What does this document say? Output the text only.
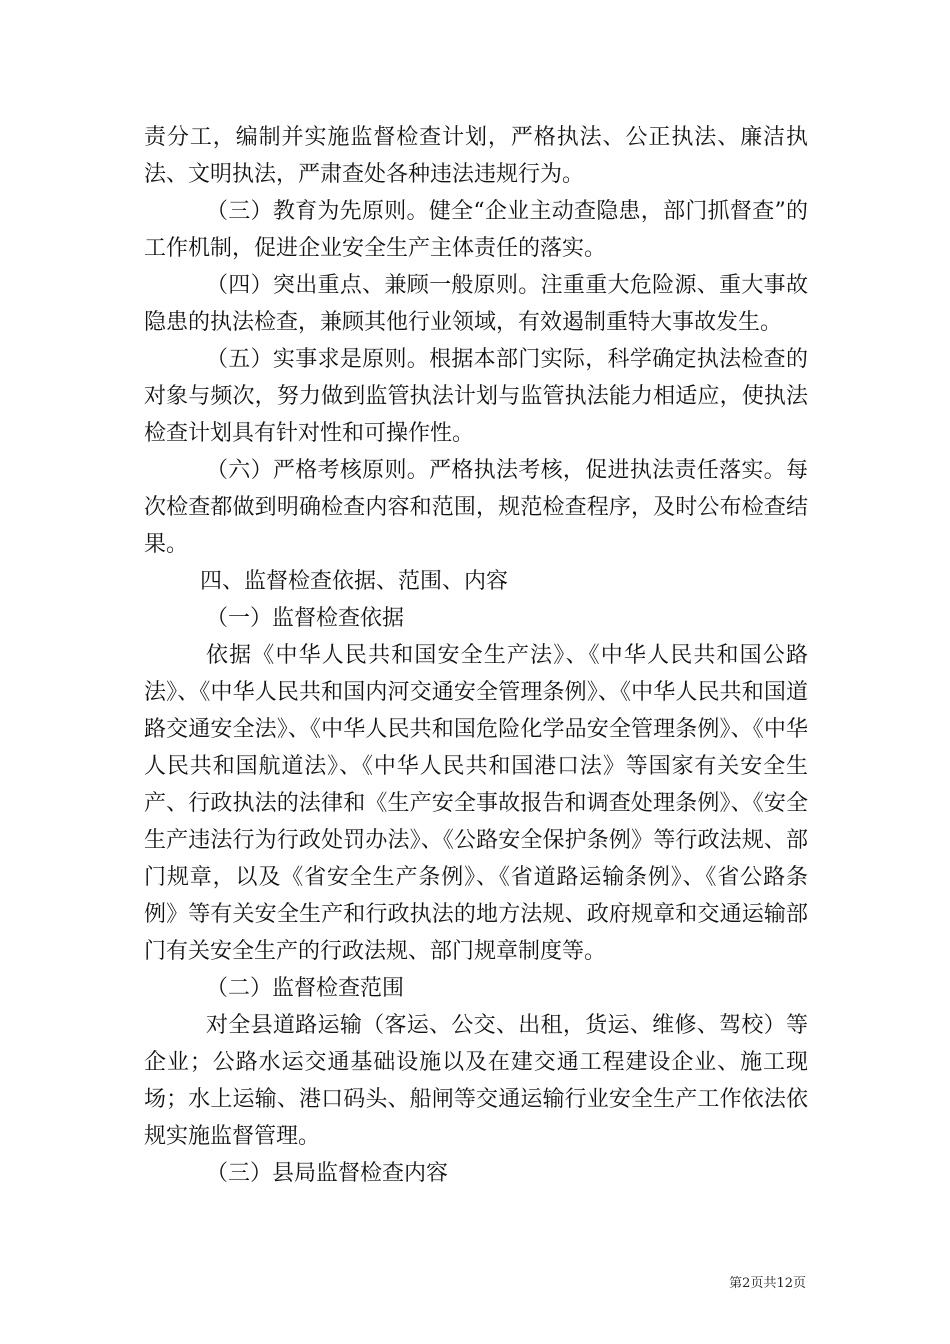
责分工，编制并实施监督检查计划，严格执法、公正执法、廉洁执法、文明执法，严肃查处各种违法违规行为。

（三）教育为先原则。健全“企业主动查隐患，部门抓督查”的工作机制，促进企业安全生产主体责任的落实。

（四）突出重点、兼顾一般原则。注重重大危险源、重大事故隐患的执法检查，兼顾其他行业领域，有效遏制重特大事故发生。

（五）实事求是原则。根据本部门实际，科学确定执法检查的对象与频次，努力做到监管执法计划与监管执法能力相适应，使执法检查计划具有针对性和可操作性。

（六）严格考核原则。严格执法考核，促进执法责任落实。每次检查都做到明确检查内容和范围，规范检查程序，及时公布检查结果。

四、监督检查依据、范围、内容

（一）监督检查依据

依据《中华人民共和国安全生产法》、《中华人民共和国公路法》、《中华人民共和国内河交通安全管理条例》、《中华人民共和国道路交通安全法》、《中华人民共和国危险化学品安全管理条例》、《中华人民共和国航道法》、《中华人民共和国港口法》等国家有关安全生产、行政执法的法律和《生产安全事故报告和调查处理条例》、《安全生产违法行为行政处罚办法》、《公路安全保护条例》等行政法规、部门规章，以及《省安全生产条例》、《省道路运输条例》、《省公路条例》等有关安全生产和行政执法的地方法规、政府规章和交通运输部门有关安全生产的行政法规、部门规章制度等。

（二）监督检查范围

对全县道路运输（客运、公交、出租，货运、维修、驾校）等企业；公路水运交通基础设施以及在建交通工程建设企业、施工现场；水上运输、港口码头、船闸等交通运输行业安全生产工作依法依规实施监督管理。

（三）县局监督检查内容

第2页共12页
